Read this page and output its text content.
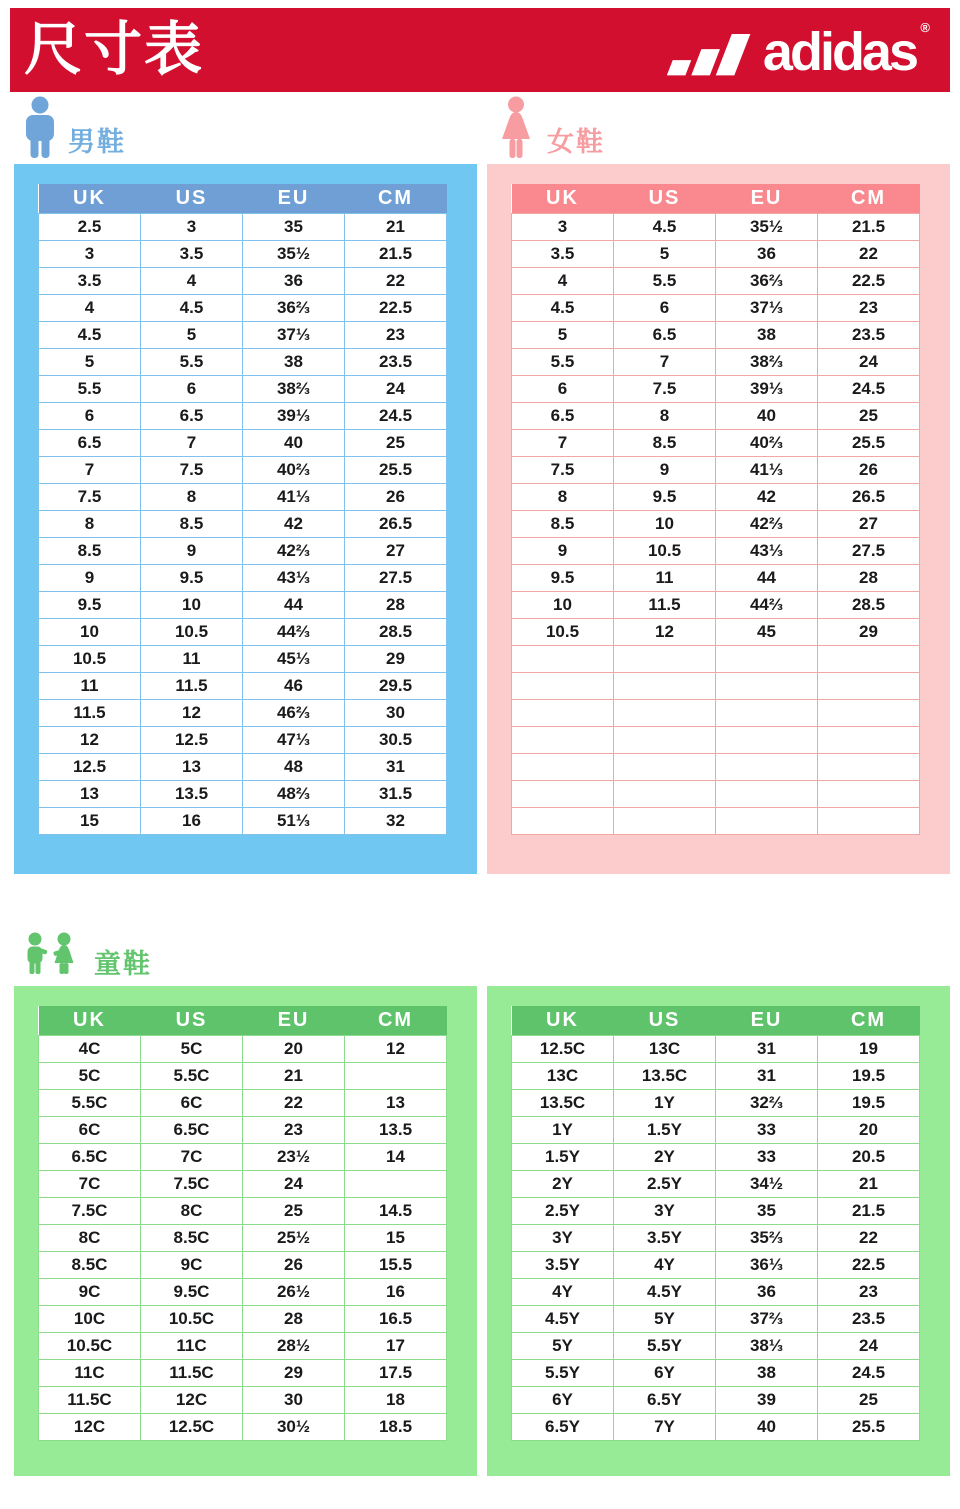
尺寸表	adidas ®
男鞋
UK	US	EU	CM
2.5	3	35	21
3	3.5	35½	21.5
3.5	4	36	22
4	4.5	36⅔	22.5
4.5	5	37⅓	23
5	5.5	38	23.5
5.5	6	38⅔	24
6	6.5	39⅓	24.5
6.5	7	40	25
7	7.5	40⅔	25.5
7.5	8	41⅓	26
8	8.5	42	26.5
8.5	9	42⅔	27
9	9.5	43⅓	27.5
9.5	10	44	28
10	10.5	44⅔	28.5
10.5	11	45⅓	29
11	11.5	46	29.5
11.5	12	46⅔	30
12	12.5	47⅓	30.5
12.5	13	48	31
13	13.5	48⅔	31.5
15	16	51⅓	32
女鞋
UK	US	EU	CM
3	4.5	35½	21.5
3.5	5	36	22
4	5.5	36⅔	22.5
4.5	6	37⅓	23
5	6.5	38	23.5
5.5	7	38⅔	24
6	7.5	39⅓	24.5
6.5	8	40	25
7	8.5	40⅔	25.5
7.5	9	41⅓	26
8	9.5	42	26.5
8.5	10	42⅔	27
9	10.5	43⅓	27.5
9.5	11	44	28
10	11.5	44⅔	28.5
10.5	12	45	29

童鞋
UK	US	EU	CM
4C	5C	20	12
5C	5.5C	21	
5.5C	6C	22	13
6C	6.5C	23	13.5
6.5C	7C	23½	14
7C	7.5C	24	
7.5C	8C	25	14.5
8C	8.5C	25½	15
8.5C	9C	26	15.5
9C	9.5C	26½	16
10C	10.5C	28	16.5
10.5C	11C	28½	17
11C	11.5C	29	17.5
11.5C	12C	30	18
12C	12.5C	30½	18.5
UK	US	EU	CM
12.5C	13C	31	19
13C	13.5C	31	19.5
13.5C	1Y	32⅔	19.5
1Y	1.5Y	33	20
1.5Y	2Y	33	20.5
2Y	2.5Y	34½	21
2.5Y	3Y	35	21.5
3Y	3.5Y	35⅔	22
3.5Y	4Y	36⅓	22.5
4Y	4.5Y	36	23
4.5Y	5Y	37⅔	23.5
5Y	5.5Y	38⅓	24
5.5Y	6Y	38	24.5
6Y	6.5Y	39	25
6.5Y	7Y	40	25.5
